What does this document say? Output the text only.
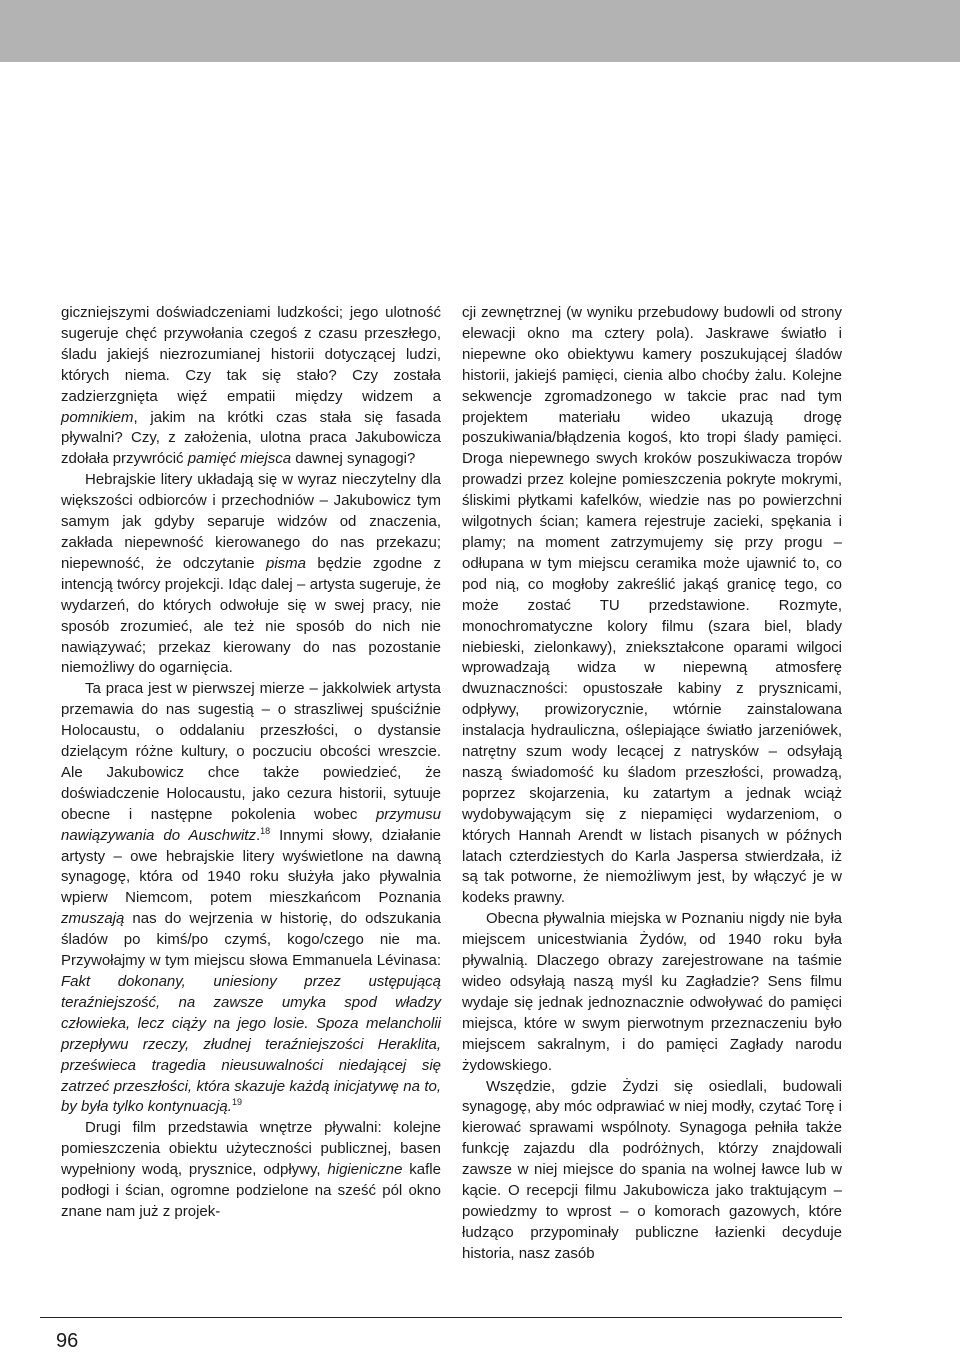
giczniejszymi doświadczeniami ludzkości; jego ulotność sugeruje chęć przywołania czegoś z czasu przeszłego, śladu jakiejś niezrozumianej historii dotyczącej ludzi, których niema. Czy tak się stało? Czy została zadzierzgnięta więź empatii między widzem a pomnikiem, jakim na krótki czas stała się fasada pływalni? Czy, z założenia, ulotna praca Jakubowicza zdołała przywrócić pamięć miejsca dawnej synagogi?

Hebrajskie litery układają się w wyraz nieczytelny dla większości odbiorców i przechodniów – Jakubowicz tym samym jak gdyby separuje widzów od znaczenia, zakłada niepewność kierowanego do nas przekazu; niepewność, że odczytanie pisma będzie zgodne z intencją twórcy projekcji. Idąc dalej – artysta sugeruje, że wydarzeń, do których odwołuje się w swej pracy, nie sposób zrozumieć, ale też nie sposób do nich nie nawiązywać; przekaz kierowany do nas pozostanie niemożliwy do ogarnięcia.

Ta praca jest w pierwszej mierze – jakkolwiek artysta przemawia do nas sugestią – o straszliwej spuściźnie Holocaustu, o oddalaniu przeszłości, o dystansie dzielącym różne kultury, o poczuciu obcości wreszcie. Ale Jakubowicz chce także powiedzieć, że doświadczenie Holocaustu, jako cezura historii, sytuuje obecne i następne pokolenia wobec przymusu nawiązywania do Auschwitz.$^{18}$ Innymi słowy, działanie artysty – owe hebrajskie litery wyświetlone na dawną synagogę, która od 1940 roku służyła jako pływalnia wpierw Niemcom, potem mieszkańcom Poznania zmuszają nas do wejrzenia w historię, do odszukania śladów po kimś/po czymś, kogo/czego nie ma. Przywołajmy w tym miejscu słowa Emmanuela Lévinasa: Fakt dokonany, uniesiony przez ustępującą teraźniejszość, na zawsze umyka spod władzy człowieka, lecz ciąży na jego losie. Spoza melancholii przepływu rzeczy, złudnej teraźniejszości Heraklita, prześwieca tragedia nieusuwalności niedającej się zatrzeć przeszłości, która skazuje każdą inicjatywę na to, by była tylko kontynuacją.$^{19}$

Drugi film przedstawia wnętrze pływalni: kolejne pomieszczenia obiektu użyteczności publicznej, basen wypełniony wodą, prysznice, odpływy, higieniczne kafle podłogi i ścian, ogromne podzielone na sześć pól okno znane nam już z projek-

cji zewnętrznej (w wyniku przebudowy budowli od strony elewacji okno ma cztery pola). Jaskrawe światło i niepewne oko obiektywu kamery poszukującej śladów historii, jakiejś pamięci, cienia albo choćby żalu. Kolejne sekwencje zgromadzonego w takcie prac nad tym projektem materiału wideo ukazują drogę poszukiwania/błądzenia kogoś, kto tropi ślady pamięci. Droga niepewnego swych kroków poszukiwacza tropów prowadzi przez kolejne pomieszczenia pokryte mokrymi, śliskimi płytkami kafelków, wiedzie nas po powierzchni wilgotnych ścian; kamera rejestruje zacieki, spękania i plamy; na moment zatrzymujemy się przy progu – odłupana w tym miejscu ceramika może ujawnić to, co pod nią, co mogłoby zakreślić jakąś granicę tego, co może zostać TU przedstawione. Rozmyte, monochromatyczne kolory filmu (szara biel, blady niebieski, zielonkawy), zniekształcone oparami wilgoci wprowadzają widza w niepewną atmosferę dwuznaczności: opustoszałe kabiny z prysznicami, odpływy, prowizorycznie, wtórnie zainstalowana instalacja hydrauliczna, oślepiające światło jarzeniówek, natrętny szum wody lecącej z natrysków – odsyłają naszą świadomość ku śladom przeszłości, prowadzą, poprzez skojarzenia, ku zatartym a jednak wciąż wydobywającym się z niepamięci wydarzeniom, o których Hannah Arendt w listach pisanych w późnych latach czterdziestych do Karla Jaspersa stwierdzała, iż są tak potworne, że niemożliwym jest, by włączyć je w kodeks prawny.

Obecna pływalnia miejska w Poznaniu nigdy nie była miejscem unicestwiania Żydów, od 1940 roku była pływalnią. Dlaczego obrazy zarejestrowane na taśmie wideo odsyłają naszą myśl ku Zagładzie? Sens filmu wydaje się jednak jednoznacznie odwoływać do pamięci miejsca, które w swym pierwotnym przeznaczeniu było miejscem sakralnym, i do pamięci Zagłady narodu żydowskiego.

Wszędzie, gdzie Żydzi się osiedlali, budowali synagogę, aby móc odprawiać w niej modły, czytać Torę i kierować sprawami wspólnoty. Synagoga pełniła także funkcję zajazdu dla podróżnych, którzy znajdowali zawsze w niej miejsce do spania na wolnej ławce lub w kącie. O recepcji filmu Jakubowicza jako traktującym – powiedzmy to wprost – o komorach gazowych, które łudząco przypominały publiczne łazienki decyduje historia, nasz zasób

96
